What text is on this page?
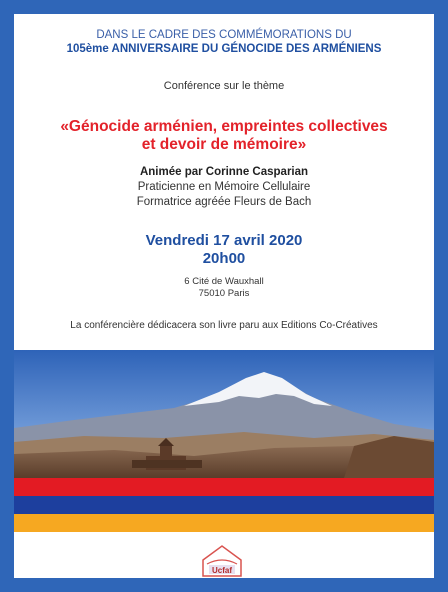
DANS LE CADRE DES COMMÉMORATIONS DU
105ème ANNIVERSAIRE DU GÉNOCIDE DES ARMÉNIENS
Conférence sur le thème
«Génocide arménien, empreintes collectives
et devoir de mémoire»
Animée par Corinne Casparian
Praticienne en Mémoire Cellulaire
Formatrice agréée Fleurs de Bach
Vendredi 17 avril 2020
20h00
6 Cité de Wauxhall
75010 Paris
La conférencière dédicacera son livre paru aux Editions Co-Créatives
Ucfaf
